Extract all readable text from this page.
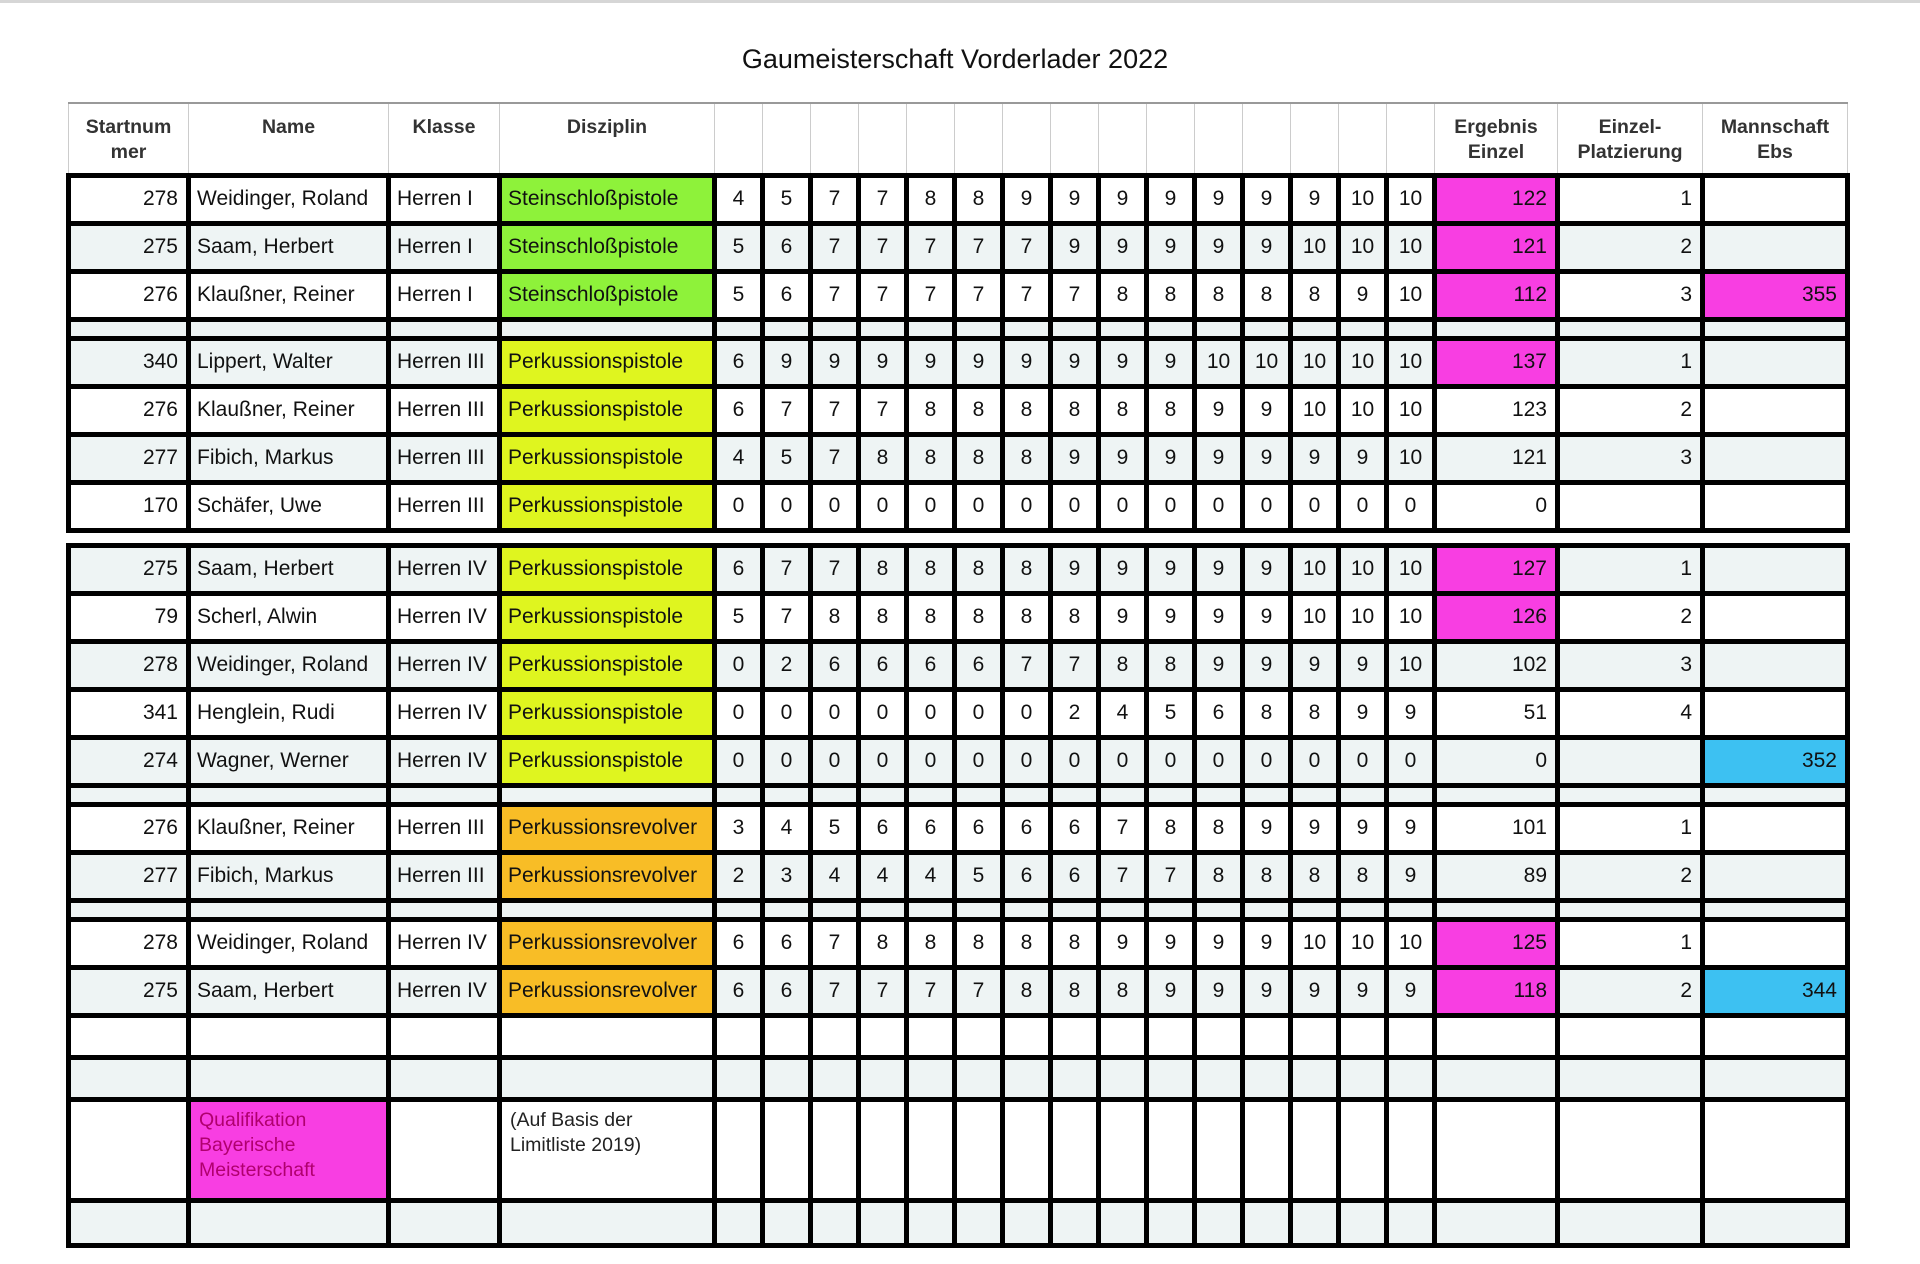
Gaumeisterschaft Vorderlader 2022
Startnum mer	Name	Klasse	Disziplin																Ergebnis Einzel	Einzel-Platzierung	Mannschaft Ebs
278	Weidinger, Roland	Herren I	Steinschloßpistole	4	5	7	7	8	8	9	9	9	9	9	9	9	10	10	122	1	
275	Saam, Herbert	Herren I	Steinschloßpistole	5	6	7	7	7	7	7	9	9	9	9	9	10	10	10	121	2	
276	Klaußner, Reiner	Herren I	Steinschloßpistole	5	6	7	7	7	7	7	7	8	8	8	8	8	9	10	112	3	355

340	Lippert, Walter	Herren III	Perkussionspistole	6	9	9	9	9	9	9	9	9	9	10	10	10	10	10	137	1	
276	Klaußner, Reiner	Herren III	Perkussionspistole	6	7	7	7	8	8	8	8	8	8	9	9	10	10	10	123	2	
277	Fibich, Markus	Herren III	Perkussionspistole	4	5	7	8	8	8	8	9	9	9	9	9	9	9	10	121	3	
170	Schäfer, Uwe	Herren III	Perkussionspistole	0	0	0	0	0	0	0	0	0	0	0	0	0	0	0	0		

275	Saam, Herbert	Herren IV	Perkussionspistole	6	7	7	8	8	8	8	9	9	9	9	9	10	10	10	127	1	
79	Scherl, Alwin	Herren IV	Perkussionspistole	5	7	8	8	8	8	8	8	9	9	9	9	10	10	10	126	2	
278	Weidinger, Roland	Herren IV	Perkussionspistole	0	2	6	6	6	6	7	7	8	8	9	9	9	9	10	102	3	
341	Henglein, Rudi	Herren IV	Perkussionspistole	0	0	0	0	0	0	0	2	4	5	6	8	8	9	9	51	4	
274	Wagner, Werner	Herren IV	Perkussionspistole	0	0	0	0	0	0	0	0	0	0	0	0	0	0	0	0		352

276	Klaußner, Reiner	Herren III	Perkussionsrevolver	3	4	5	6	6	6	6	6	7	8	8	9	9	9	9	101	1	
277	Fibich, Markus	Herren III	Perkussionsrevolver	2	3	4	4	4	5	6	6	7	7	8	8	8	8	9	89	2	

278	Weidinger, Roland	Herren IV	Perkussionsrevolver	6	6	7	8	8	8	8	8	9	9	9	9	10	10	10	125	1	
275	Saam, Herbert	Herren IV	Perkussionsrevolver	6	6	7	7	7	7	8	8	8	9	9	9	9	9	9	118	2	344

	Qualifikation Bayerische Meisterschaft		(Auf Basis der Limitliste 2019)																		
